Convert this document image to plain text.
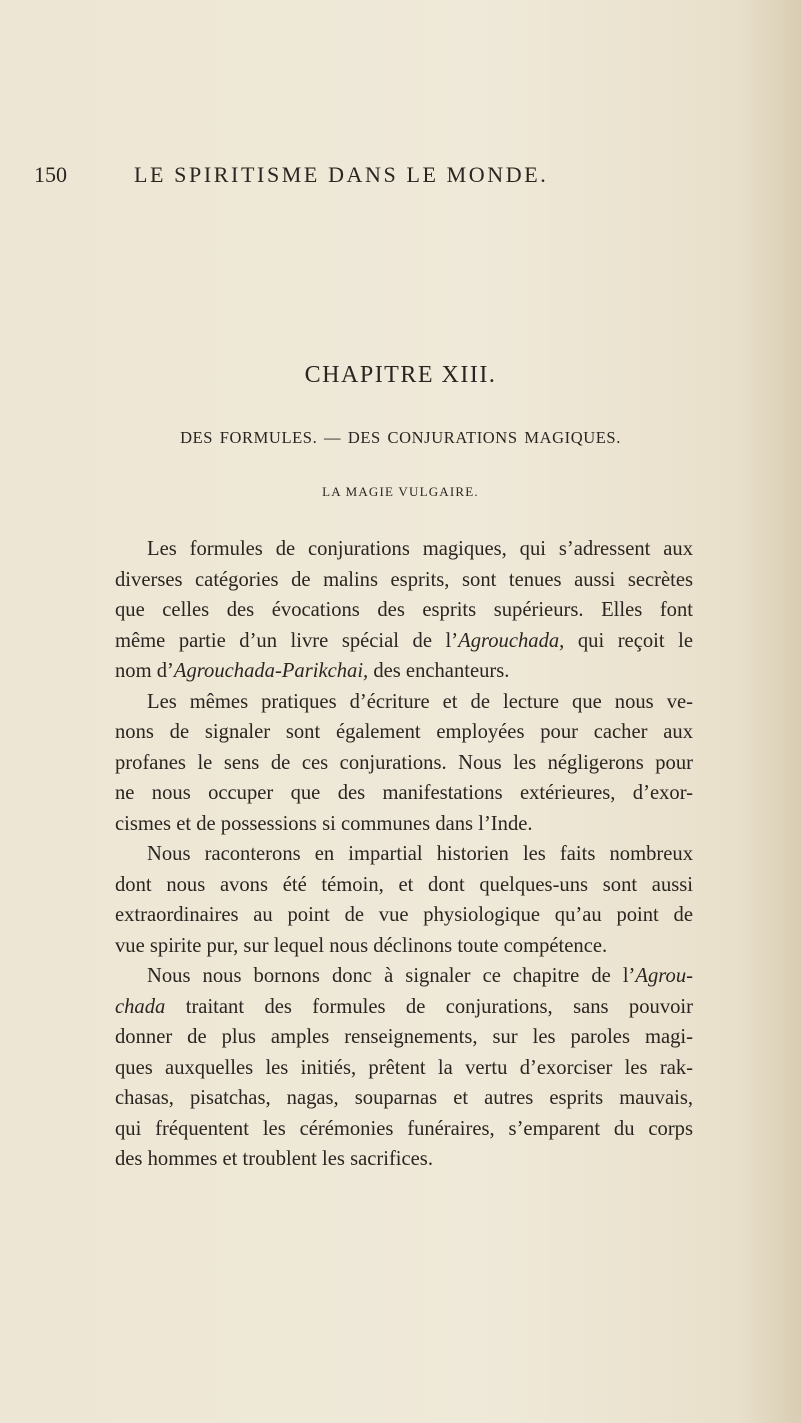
150	LE SPIRITISME DANS LE MONDE.
CHAPITRE XIII.
DES FORMULES. — DES CONJURATIONS MAGIQUES.
LA MAGIE VULGAIRE.
Les formules de conjurations magiques, qui s’adressent aux
diverses catégories de malins esprits, sont tenues aussi secrètes
que celles des évocations des esprits supérieurs. Elles font
même partie d’un livre spécial de l’Agrouchada, qui reçoit le
nom d’Agrouchada-Parikchai, des enchanteurs.
Les mêmes pratiques d’écriture et de lecture que nous ve-
nons de signaler sont également employées pour cacher aux
profanes le sens de ces conjurations. Nous les négligerons pour
ne nous occuper que des manifestations extérieures, d’exor-
cismes et de possessions si communes dans l’Inde.
Nous raconterons en impartial historien les faits nombreux
dont nous avons été témoin, et dont quelques-uns sont aussi
extraordinaires au point de vue physiologique qu’au point de
vue spirite pur, sur lequel nous déclinons toute compétence.
Nous nous bornons donc à signaler ce chapitre de l’Agrou-
chada traitant des formules de conjurations, sans pouvoir
donner de plus amples renseignements, sur les paroles magi-
ques auxquelles les initiés, prêtent la vertu d’exorciser les rak-
chasas, pisatchas, nagas, souparnas et autres esprits mauvais,
qui fréquentent les cérémonies funéraires, s’emparent du corps
des hommes et troublent les sacrifices.
